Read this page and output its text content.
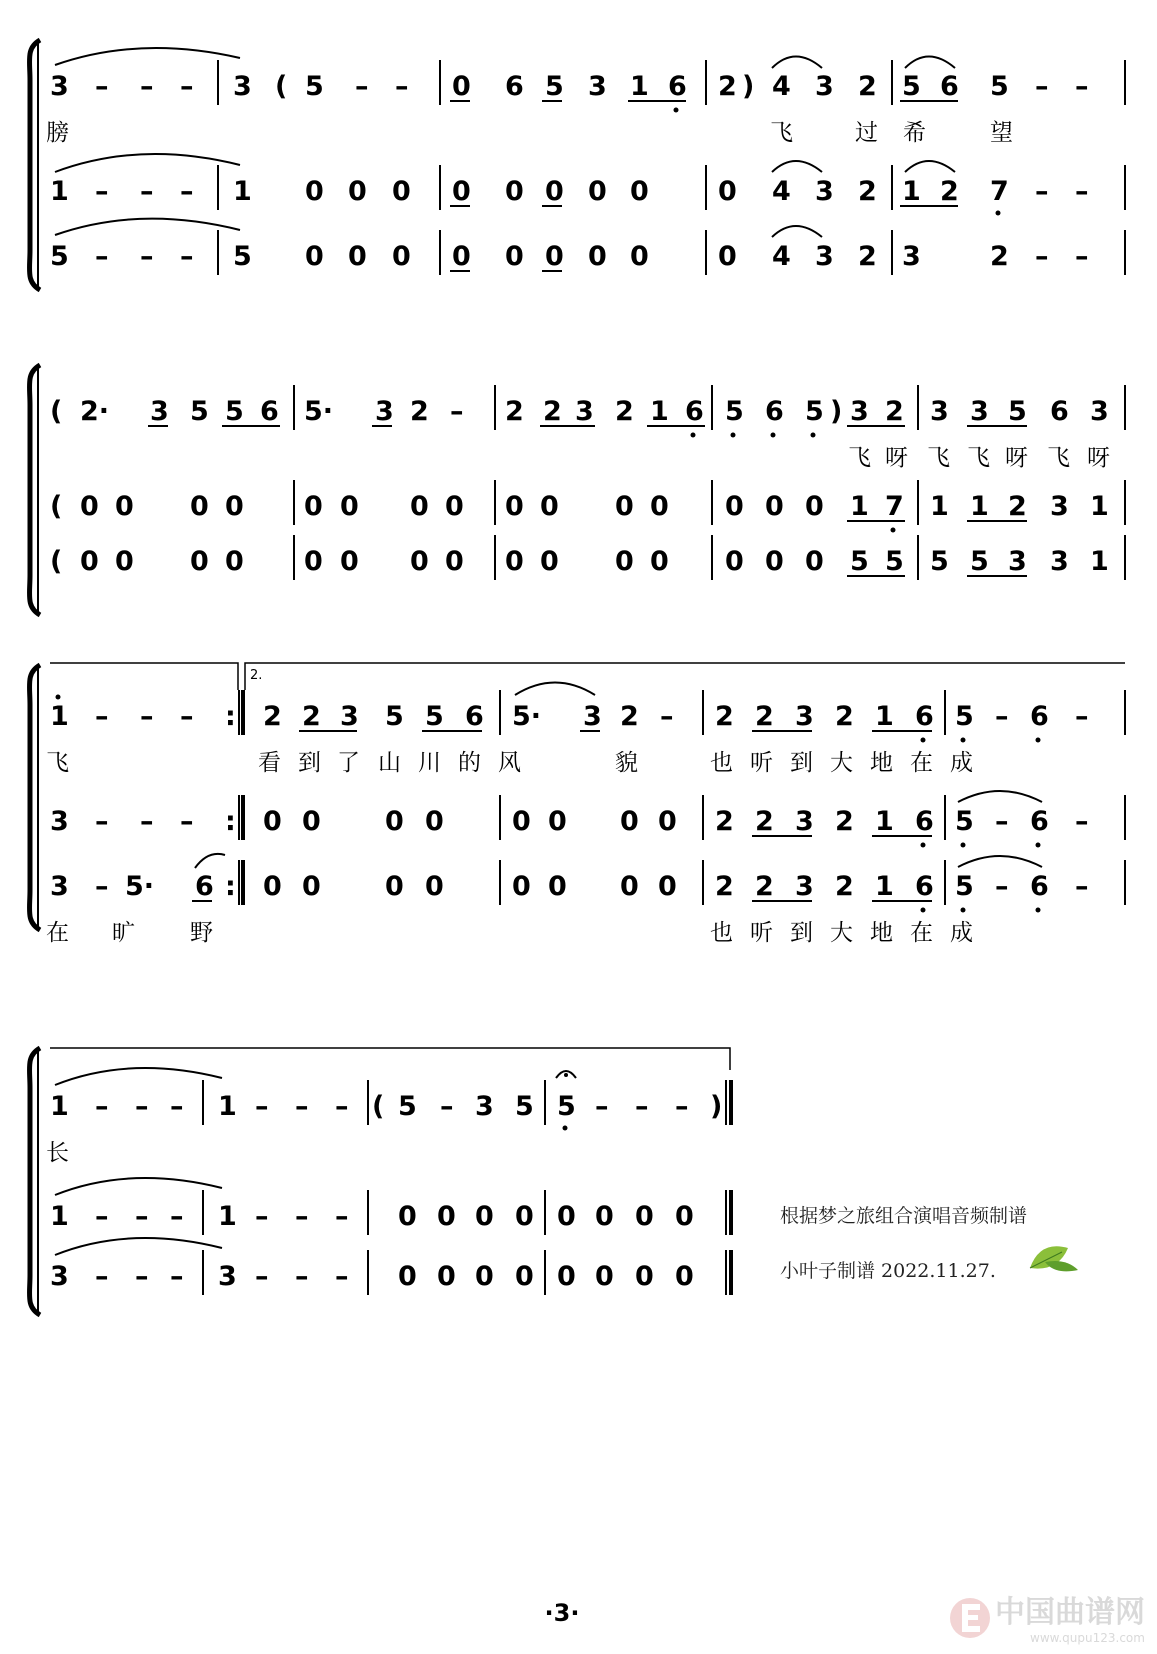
3 – – – 3 ( 5 – – 0 6 5 3 1 6 2 ) 4 3 2 5 6 5 – –
膀	飞	过 希	望
1 – – – 1 0 0 0 0 0 0 0 0	0 4 3 2 1 2 7 – –
5 – – – 5 0 0 0 0 0 0 0 0	0 4 3 2 3	2 – –
( 2· 3 5 5 6 5· 3 2 – 2 2 3 2 1 6 5 6 5 ) 3 2 3 3 5 6 3
飞 呀 飞 飞 呀 飞 呀
( 0 0 0 0 0 0 0 0 0 0 0 0 0 0 0 1 7 1 1 2 3 1
( 0 0 0 0 0 0 0 0 0 0 0 0 0 0 0 5 5 5 5 3 3 1
2.
1 – – – : 2 2 3 5 5 6 5· 3 2 – 2 2 3 2 1 6 5 – 6 –
飞	看 到 了 山 川 的 风	貌	也 听 到 大 地 在 成
3 – – – : 0 0 0 0	0 0 0 0 2 2 3 2 1 6 5 – 6 –
3 – 5· 6 : 0 0 0 0	0 0 0 0 2 2 3 2 1 6 5 – 6 –
在 旷 野	也 听 到 大 地 在 成
1 – – – 1 – – – ( 5 – 3 5 5 – – – )
长
1 – – – 1 – – – 0 0 0 0 0 0 0 0
3 – – – 3 – – – 0 0 0 0 0 0 0 0
根据梦之旅组合演唱音频制谱
小叶子制谱 2022.11.27.
·3·	中国曲谱网
www.qupu123.com
